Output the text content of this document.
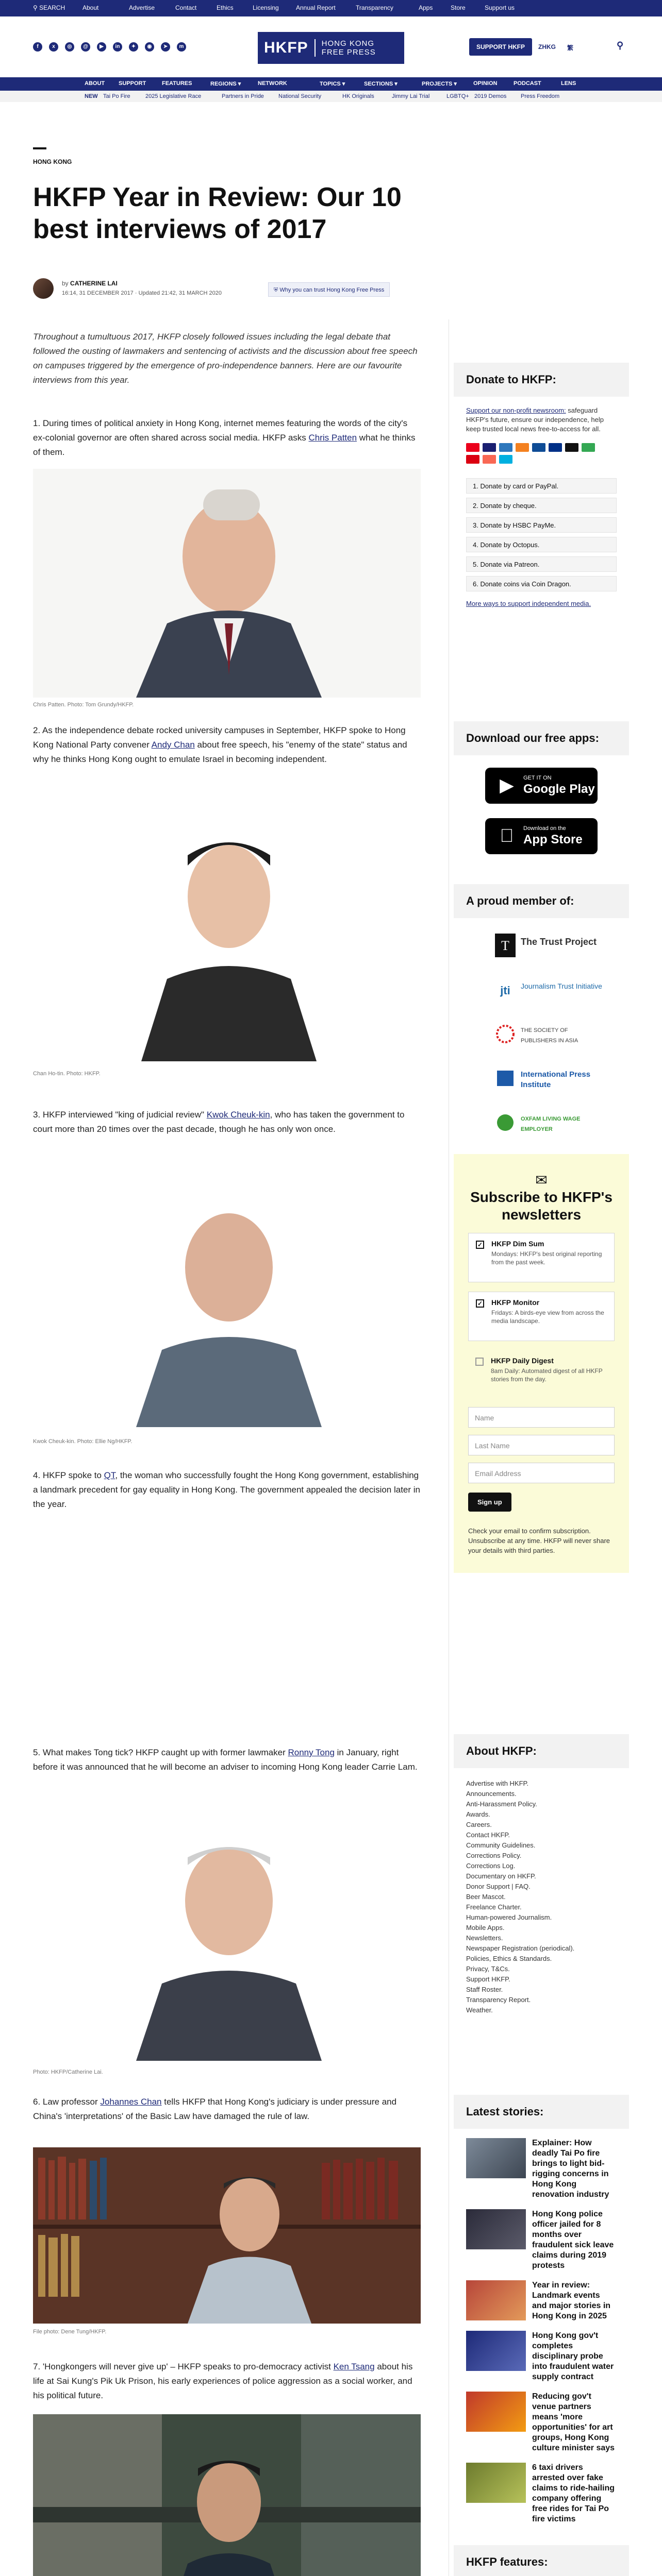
⚲ SEARCH	About	Advertise	Contact	Ethics	Licensing	Annual Report	Transparency	Apps	Store	Support us
f	x	◎	@	▶	in	✦	◉	➤	m	HKFP	HONG KONG
FREE PRESS
SUPPORT HKFP	ZHKG 繁	⚲
ABOUT SUPPORT	FEATURES	REGIONS ▾	NETWORK	TOPICS ▾	SECTIONS ▾	PROJECTS ▾	OPINION	PODCAST	LENS
NEW Tai Po Fire	2025 Legislative Race	Partners in Pride	National Security	HK Originals	Jimmy Lai Trial	LGBTQ+ 2019 Demos	Press Freedom
HONG KONG
HKFP Year in Review: Our 10 best interviews of 2017
by CATHERINE LAI
16:14, 31 DECEMBER 2017 · Updated 21:42, 31 MARCH 2020	⛨ Why you can trust Hong Kong Free Press

Throughout a tumultuous 2017, HKFP closely followed issues including the legal debate that followed the ousting of lawmakers and sentencing of activists and the discussion about free speech on campuses triggered by the emergence of pro-independence banners. Here are our favourite interviews from this year.

1. During times of political anxiety in Hong Kong, internet memes featuring the words of the city's ex-colonial governor are often shared across social media. HKFP asks Chris Patten what he thinks of them.

Chris Patten. Photo: Tom Grundy/HKFP.

2. As the independence debate rocked university campuses in September, HKFP spoke to Hong Kong National Party convener Andy Chan about free speech, his "enemy of the state" status and why he thinks Hong Kong ought to emulate Israel in becoming independent.

Chan Ho-tin. Photo: HKFP.

3. HKFP interviewed "king of judicial review" Kwok Cheuk-kin, who has taken the government to court more than 20 times over the past decade, though he has only won once.

Kwok Cheuk-kin. Photo: Ellie Ng/HKFP.

4. HKFP spoke to QT, the woman who successfully fought the Hong Kong government, establishing a landmark precedent for gay equality in Hong Kong. The government appealed the decision later in the year.

5. What makes Tong tick? HKFP caught up with former lawmaker Ronny Tong in January, right before it was announced that he will become an adviser to incoming Hong Kong leader Carrie Lam.

Photo: HKFP/Catherine Lai.

6. Law professor Johannes Chan tells HKFP that Hong Kong's judiciary is under pressure and China's 'interpretations' of the Basic Law have damaged the rule of law.

File photo: Dene Tung/HKFP.

7. 'Hongkongers will never give up' – HKFP speaks to pro-democracy activist Ken Tsang about his life at Sai Kung's Pik Uk Prison, his early experiences of police aggression as a social worker, and his political future.

Donate to HKFP:
Support our non-profit newsroom: safeguard HKFP's future, ensure our independence, help keep trusted local news free-to-access for all.
1. Donate by card or PayPal.
2. Donate by cheque.
3. Donate by HSBC PayMe.
4. Donate by Octopus.
5. Donate via Patreon.
6. Donate coins via Coin Dragon.
More ways to support independent media.
Download our free apps:
▶	GET IT ON
Google Play
Download on the
App Store
A proud member of:
T The Trust Project
jti Journalism Trust Initiative
THE SOCIETY OF PUBLISHERS IN ASIA
International Press Institute
OXFAM LIVING WAGE EMPLOYER
✉
Subscribe to HKFP's newsletters
✓ HKFP Dim Sum
Mondays: HKFP's best original reporting from the past week.
✓ HKFP Monitor
Fridays: A birds-eye view from across the media landscape.
HKFP Daily Digest
8am Daily: Automated digest of all HKFP stories from the day.
Name
Last Name
Email Address
Sign up
Check your email to confirm subscription. Unsubscribe at any time. HKFP will never share your details with third parties.
About HKFP:
Advertise with HKFP.
Announcements.
Anti-Harassment Policy.
Awards.
Careers.
Contact HKFP.
Community Guidelines.
Corrections Policy.
Corrections Log.
Documentary on HKFP.
Donor Support | FAQ.
Beer Mascot.
Freelance Charter.
Human-powered Journalism.
Mobile Apps.
Newsletters.
Newspaper Registration (periodical).
Policies, Ethics & Standards.
Privacy, T&Cs.
Support HKFP.
Staff Roster.
Transparency Report.
Weather.
Latest stories:
Explainer: How deadly Tai Po fire brings to light bid-rigging concerns in Hong Kong renovation industry
Hong Kong police officer jailed for 8 months over fraudulent sick leave claims during 2019 protests
Year in review: Landmark events and major stories in Hong Kong in 2025
Hong Kong gov't completes disciplinary probe into fraudulent water supply contract
Reducing gov't venue partners means 'more opportunities' for art groups, Hong Kong culture minister says
6 taxi drivers arrested over fake claims to ride-hailing company offering free rides for Tai Po fire victims
HKFP features:
